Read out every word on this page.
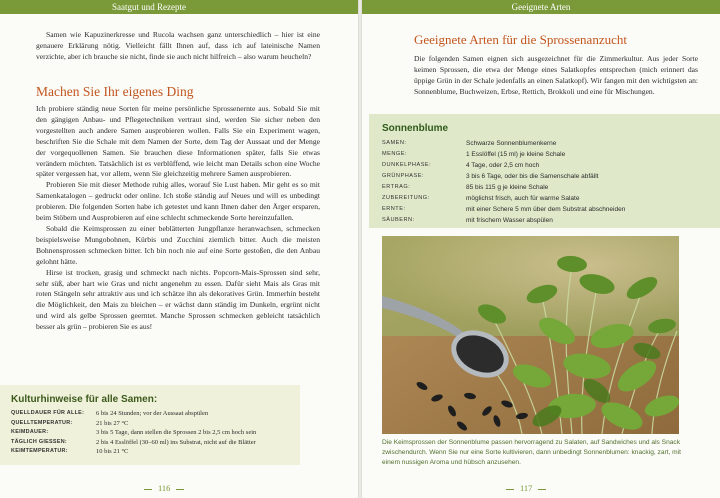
Saatgut und Rezepte

Samen wie Kapuzinerkresse und Rucola wachsen ganz unterschiedlich – hier ist eine genauere Erklärung nötig. Vielleicht fällt Ihnen auf, dass ich auf lateinische Namen verzichte, aber ich brauche sie nicht, finde sie auch nicht hilfreich – also warum heucheln?

Machen Sie Ihr eigenes Ding

Ich probiere ständig neue Sorten für meine persönliche Sprossenernte aus. Sobald Sie mit den gängigen Anbau- und Pflegetechniken vertraut sind, werden Sie sicher neben den vorgestellten auch andere Samen ausprobieren wollen. Falls Sie ein Experiment wagen, beschriften Sie die Schale mit dem Namen der Sorte, dem Tag der Aussaat und der Menge der vorgequollenen Samen. Sie brauchen diese Informationen später, falls Sie etwas verändern möchten. Tatsächlich ist es verblüffend, wie leicht man Details schon eine Woche später vergessen hat, vor allem, wenn Sie gleichzeitig mehrere Samen ausprobieren.

Probieren Sie mit dieser Methode ruhig alles, worauf Sie Lust haben. Mir geht es so mit Samenkatalogen – gedruckt oder online. Ich stoße ständig auf Neues und will es unbedingt probieren. Die folgenden Sorten habe ich getestet und kann Ihnen daher den Ärger ersparen, beim Stöbern und Ausprobieren auf eine schlecht schmeckende Sorte hereinzufallen.

Sobald die Keimsprossen zu einer beblätterten Jungpflanze heranwachsen, schmecken beispielsweise Mungobohnen, Kürbis und Zucchini ziemlich bitter. Auch die meisten Bohnensprossen schmecken bitter. Ich bin noch nie auf eine Sorte gestoßen, die den Anbau gelohnt hätte.

Hirse ist trocken, grasig und schmeckt nach nichts. Popcorn-Mais-Sprossen sind sehr, sehr süß, aber hart wie Gras und nicht angenehm zu essen. Dafür sieht Mais als Gras mit roten Stängeln sehr attraktiv aus und ich schätze ihn als dekoratives Grün. Immerhin besteht die Möglichkeit, den Mais zu bleichen – er wächst dann ständig im Dunkeln, ergrünt nicht und wird als gelbe Sprossen geerntet. Manche Sprossen schmecken gebleicht tatsächlich besser als grün – probieren Sie es aus!

Kulturhinweise für alle Samen:
QUELLDAUER FÜR ALLE:	6 bis 24 Stunden; vor der Aussaat abspülen
QUELLTEMPERATUR:	21 bis 27 °C
KEIMDAUER:	3 bis 5 Tage, dann stellen die Sprossen 2 bis 2,5 cm hoch sein
TÄGLICH GIESSEN:	2 bis 4 Esslöffel (30–60 ml) ins Substrat, nicht auf die Blätter
KEIMTEMPERATUR:	10 bis 21 °C
116
Geeignete Arten
Geeignete Arten für die Sprossenanzucht

Die folgenden Samen eignen sich ausgezeichnet für die Zimmerkultur. Aus jeder Sorte keimen Sprossen, die etwa der Menge eines Salatkopfes entsprechen (mich erinnert das üppige Grün in der Schale jedenfalls an einen Salatkopf). Wir fangen mit den wichtigsten an: Sonnenblume, Buchweizen, Erbse, Rettich, Brokkoli und eine für Mischungen.

Sonnenblume
SAMEN:	Schwarze Sonnenblumenkerne
MENGE:	1 Esslöffel (15 ml) je kleine Schale
DUNKELPHASE:	4 Tage, oder 2,5 cm hoch
GRÜNPHASE:	3 bis 6 Tage, oder bis die Samenschale abfällt
ERTRAG:	85 bis 115 g je kleine Schale
ZUBEREITUNG:	möglichst frisch, auch für warme Salate
ERNTE:	mit einer Schere 5 mm über dem Substrat abschneiden
SÄUBERN:	mit frischem Wasser abspülen
Die Keimsprossen der Sonnenblume passen hervorragend zu Salaten, auf Sandwiches und als Snack zwischendurch. Wenn Sie nur eine Sorte kultivieren, dann unbedingt Sonnenblumen: knackig, zart, mit einem nussigen Aroma und hübsch anzusehen.
117
